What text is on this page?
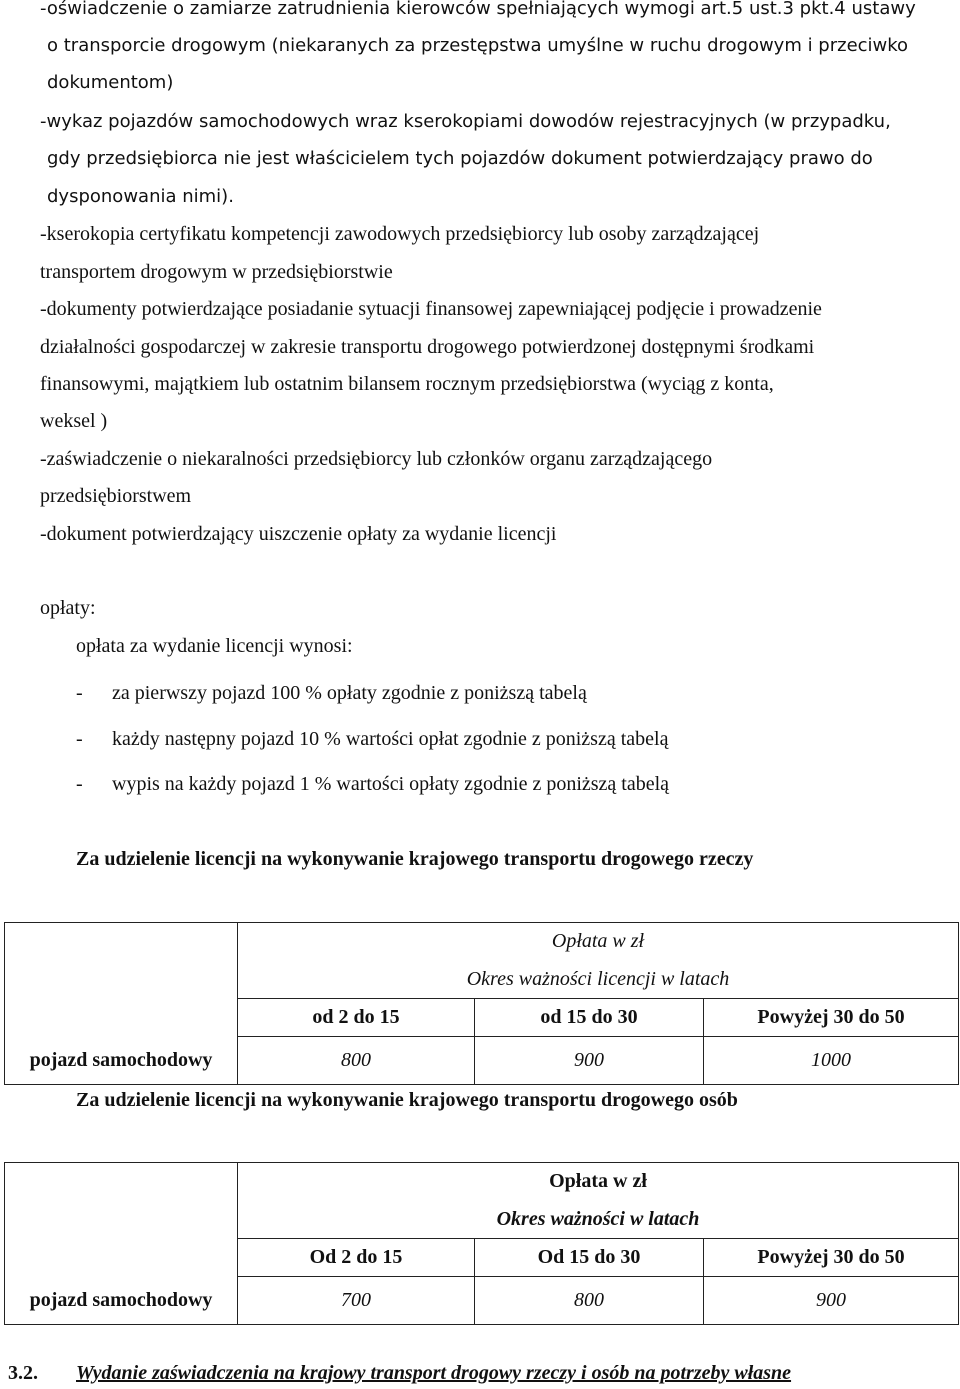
-oświadczenie o zamiarze zatrudnienia kierowców spełniających wymogi art.5 ust.3 pkt.4 ustawy
o transporcie drogowym (niekaranych za przestępstwa umyślne w ruchu drogowym i przeciwko
dokumentom)
-wykaz pojazdów samochodowych wraz kserokopiami dowodów rejestracyjnych (w przypadku,
gdy przedsiębiorca nie jest właścicielem tych pojazdów dokument potwierdzający prawo do
dysponowania nimi).
-kserokopia certyfikatu kompetencji zawodowych przedsiębiorcy lub osoby zarządzającej
transportem drogowym w przedsiębiorstwie
-dokumenty potwierdzające posiadanie sytuacji finansowej zapewniającej podjęcie i prowadzenie
działalności gospodarczej w zakresie transportu drogowego potwierdzonej dostępnymi środkami
finansowymi, majątkiem lub ostatnim bilansem rocznym przedsiębiorstwa (wyciąg z konta,
weksel )
-zaświadczenie o niekaralności przedsiębiorcy lub członków organu zarządzającego
przedsiębiorstwem
-dokument potwierdzający uiszczenie opłaty za wydanie licencji
opłaty:
opłata za wydanie licencji wynosi:
- za pierwszy pojazd 100 % opłaty zgodnie z poniższą tabelą
- każdy następny pojazd 10 % wartości opłat zgodnie z poniższą tabelą
- wypis na każdy pojazd 1 % wartości opłaty zgodnie z poniższą tabelą
Za udzielenie licencji na wykonywanie krajowego transportu drogowego rzeczy
	Opłata w zł		
	Okres ważności licencji w latach		
	od 2 do 15	od 15 do 30	Powyżej 30 do 50
pojazd samochodowy	800	900	1000
Za udzielenie licencji na wykonywanie krajowego transportu drogowego osób
	Opłata w zł		
	Okres ważności w latach		
	Od 2 do 15	Od 15 do 30	Powyżej 30 do 50
pojazd samochodowy	700	800	900
3.2. Wydanie zaświadczenia na krajowy transport drogowy rzeczy i osób na potrzeby własne
